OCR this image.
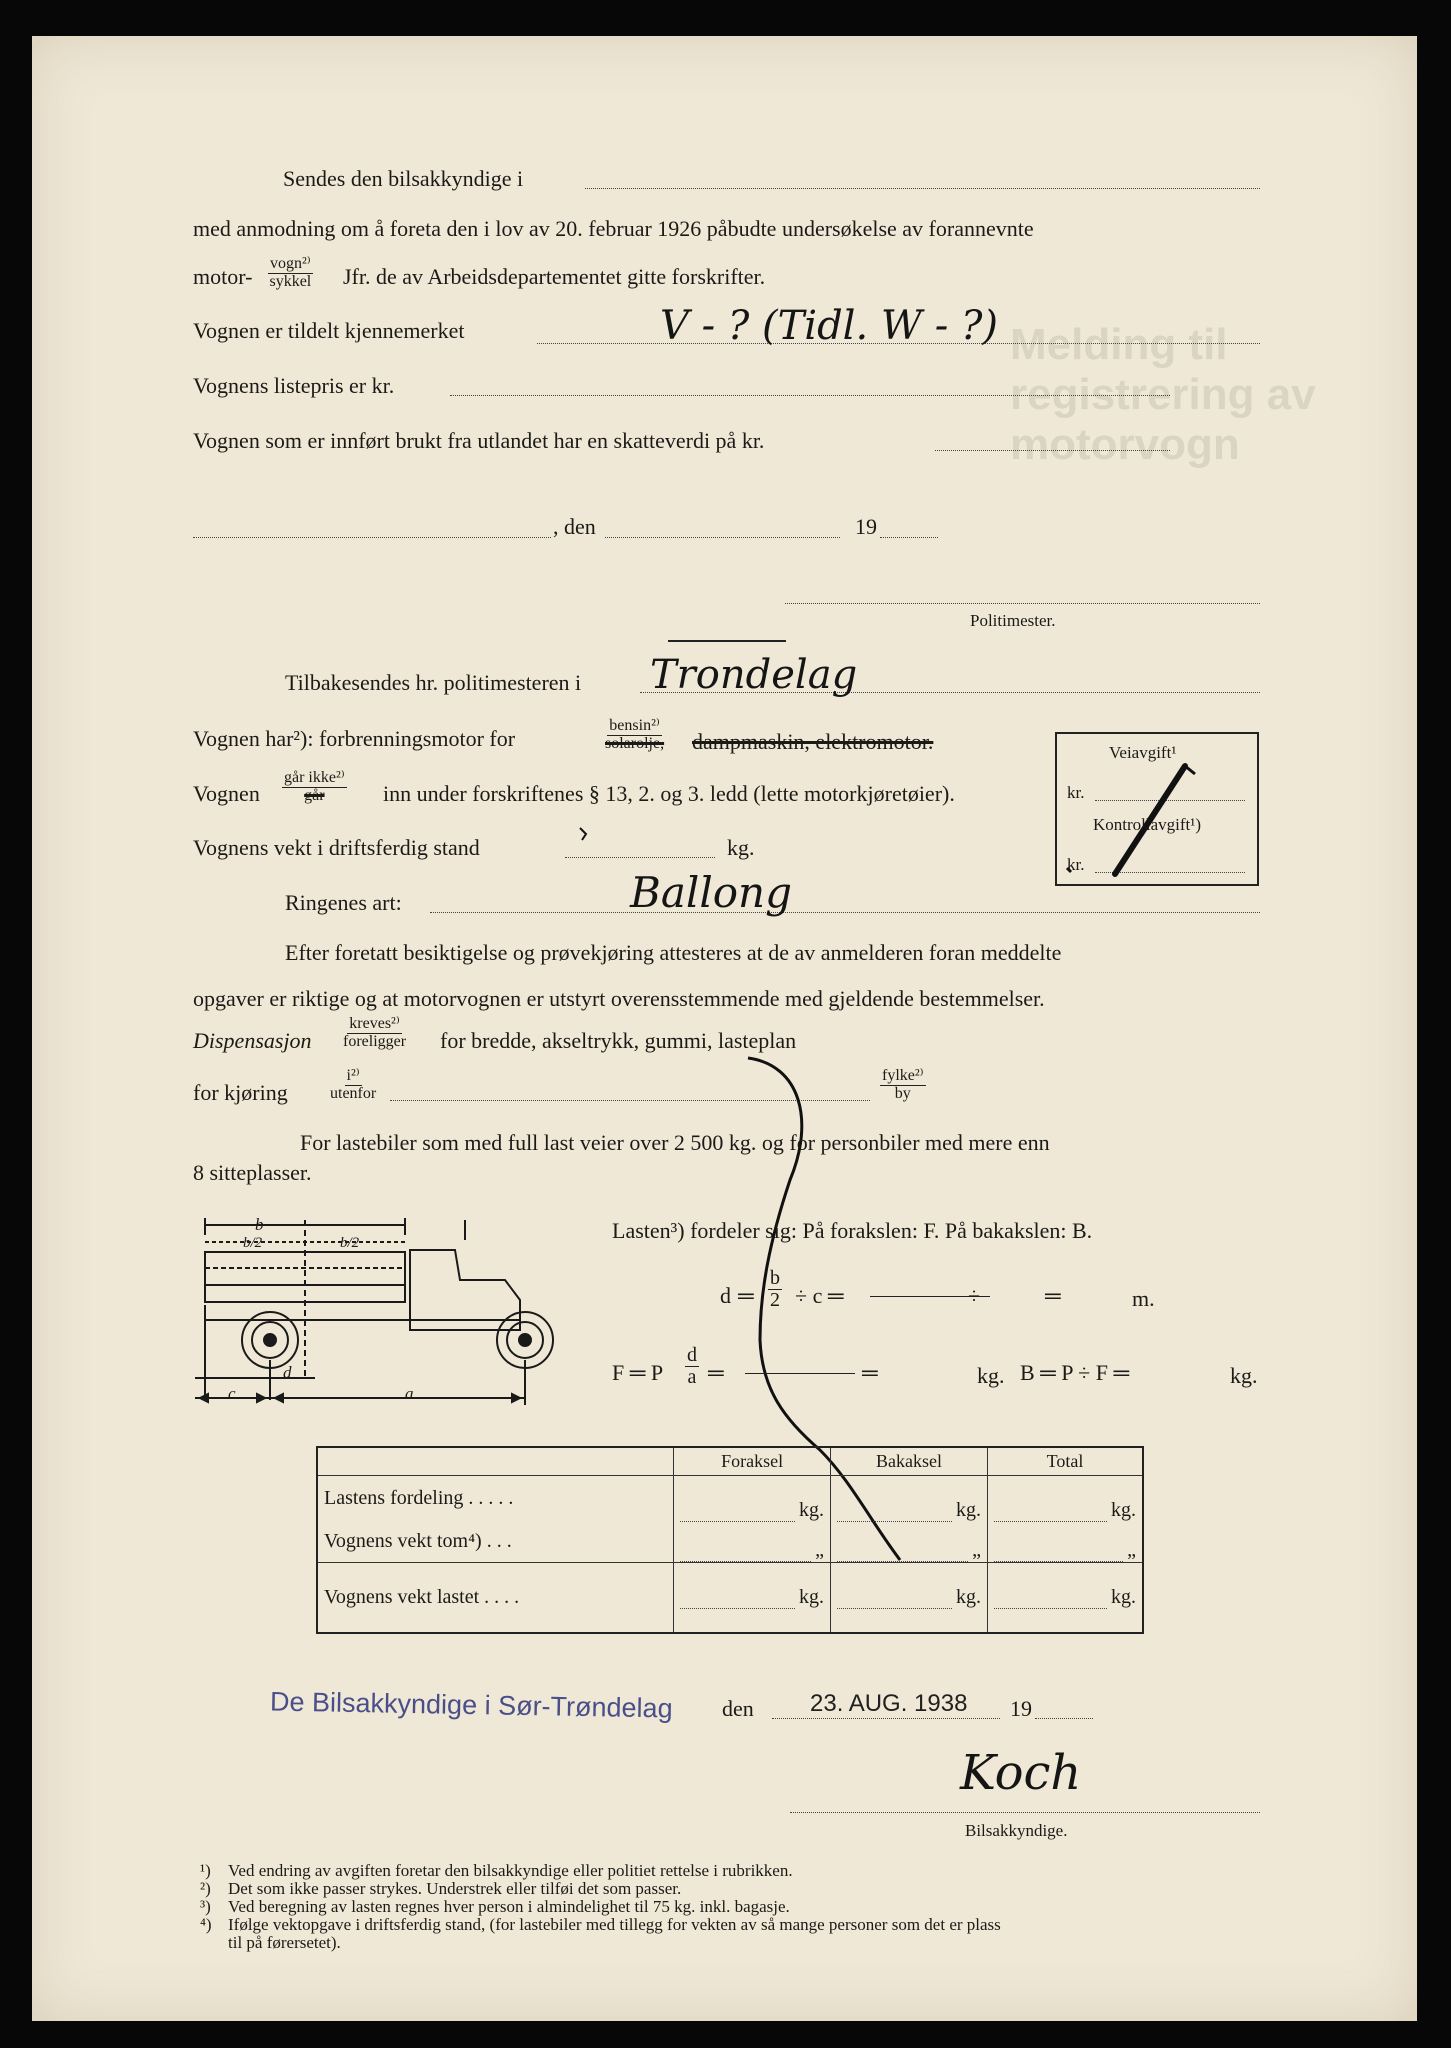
Melding til registrering av motorvogn
Sendes den bilsakkyndige i
med anmodning om å foreta den i lov av 20. februar 1926 påbudte undersøkelse av forannevnte
motor-
vogn²⁾
sykkel Jfr. de av Arbeidsdepartementet gitte forskrifter.
Vognen er tildelt kjennemerket	V - ? (Tidl. W - ?)
Vognens listepris er kr.
Vognen som er innført brukt fra utlandet har en skatteverdi på kr.
, den	19
Politimester.
Tilbakesendes hr. politimesteren i Trondelag
Vognen har²): forbrenningsmotor for
bensin²⁾
solarolje, dampmaskin, elektromotor.
Vognen
går ikke²⁾
går	inn under forskriftenes § 13, 2. og 3. ledd (lette motorkjøretøier).
Vognens vekt i driftsferdig stand	kg.
Ringenes art:	Ballong
Efter foretatt besiktigelse og prøvekjøring attesteres at de av anmelderen foran meddelte
opgaver er riktige og at motorvognen er utstyrt overensstemmende med gjeldende bestemmelser.
Dispensasjon
kreves²⁾
foreligger for bredde, akseltrykk, gummi, lasteplan
for kjøring
i²⁾
utenfor
fylke²⁾
by
Veiavgift¹
kr.
Kontrollavgift¹)
kr.
For lastebiler som med full last veier over 2 500 kg. og for personbiler med mere enn
8 sitteplasser.
b
b/2	b/2
d
c	a
Lasten³) fordeler sig: På forakslen: F. På bakakslen: B.
d ═ $\frac{b}{2} \div c$ ═	÷	═	m.
F ═ P $\frac{d}{a}$ ═	═	kg. B ═ P ÷ F ═	kg.
	Foraksel	Bakaksel	Total
Lastens fordeling . . . . .	kg.	kg.	kg.

Vognens vekt tom⁴) . . .	„	„	„

Vognens vekt lastet . . . .	kg.	kg.	kg.
De Bilsakkyndige i Sør-Trøndelag den 23. AUG. 1938 19
Koch
Bilsakkyndige.
¹) Ved endring av avgiften foretar den bilsakkyndige eller politiet rettelse i rubrikken.
²) Det som ikke passer strykes. Understrek eller tilføi det som passer.
³) Ved beregning av lasten regnes hver person i almindelighet til 75 kg. inkl. bagasje.
⁴) Ifølge vektopgave i driftsferdig stand, (for lastebiler med tillegg for vekten av så mange personer som det er plass
til på førersetet).
